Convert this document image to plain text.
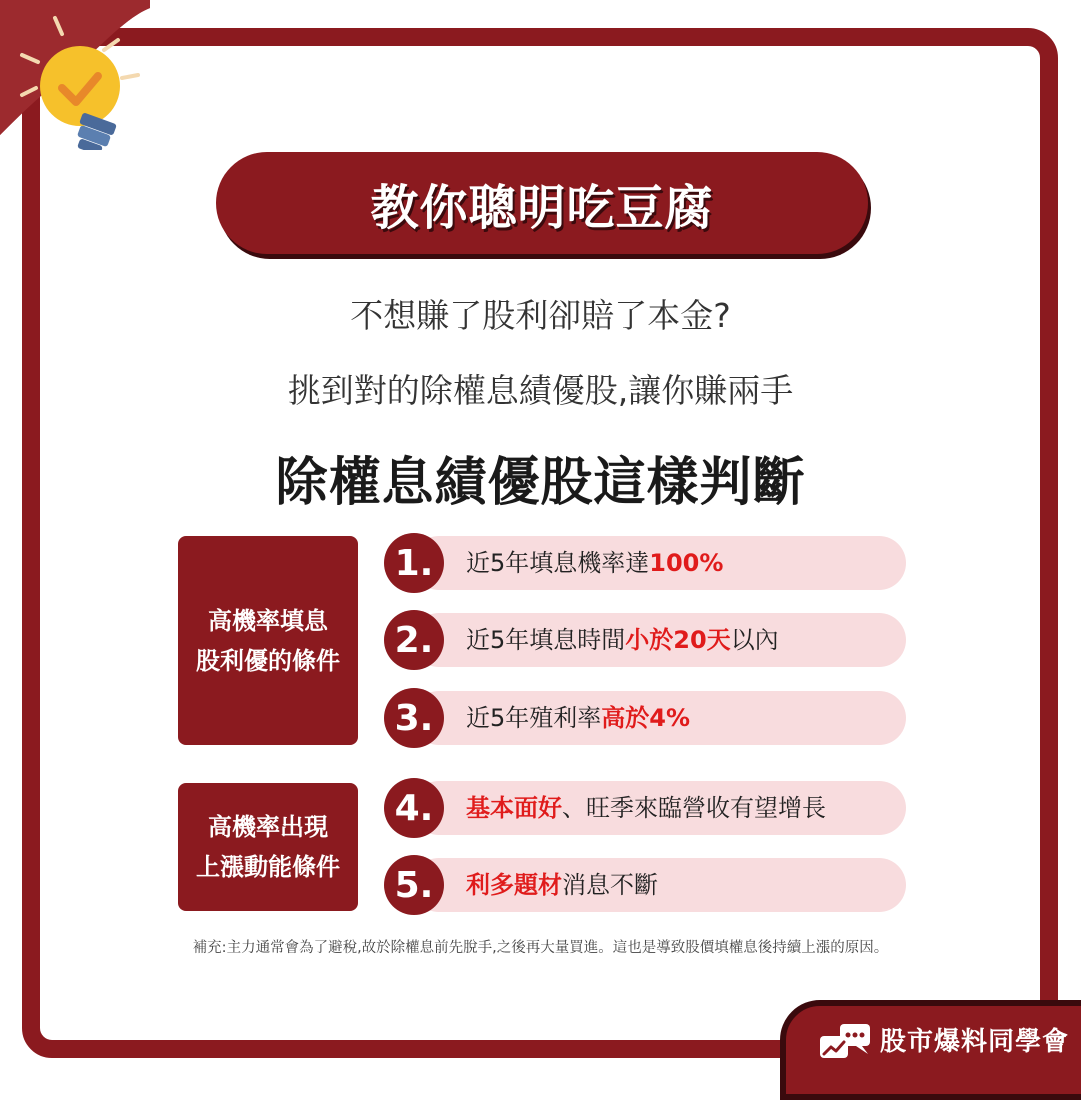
教你聰明吃豆腐
不想賺了股利卻賠了本金?
挑到對的除權息績優股,讓你賺兩手
除權息績優股這樣判斷
高機率填息
股利優的條件
高機率出現
上漲動能條件
1.	近5年填息機率達100%
2.	近5年填息時間小於20天以內
3.	近5年殖利率高於4%
4.	基本面好、旺季來臨營收有望增長
5.	利多題材消息不斷
補充:主力通常會為了避稅,故於除權息前先脫手,之後再大量買進。這也是導致股價填權息後持續上漲的原因。
股市爆料同學會
